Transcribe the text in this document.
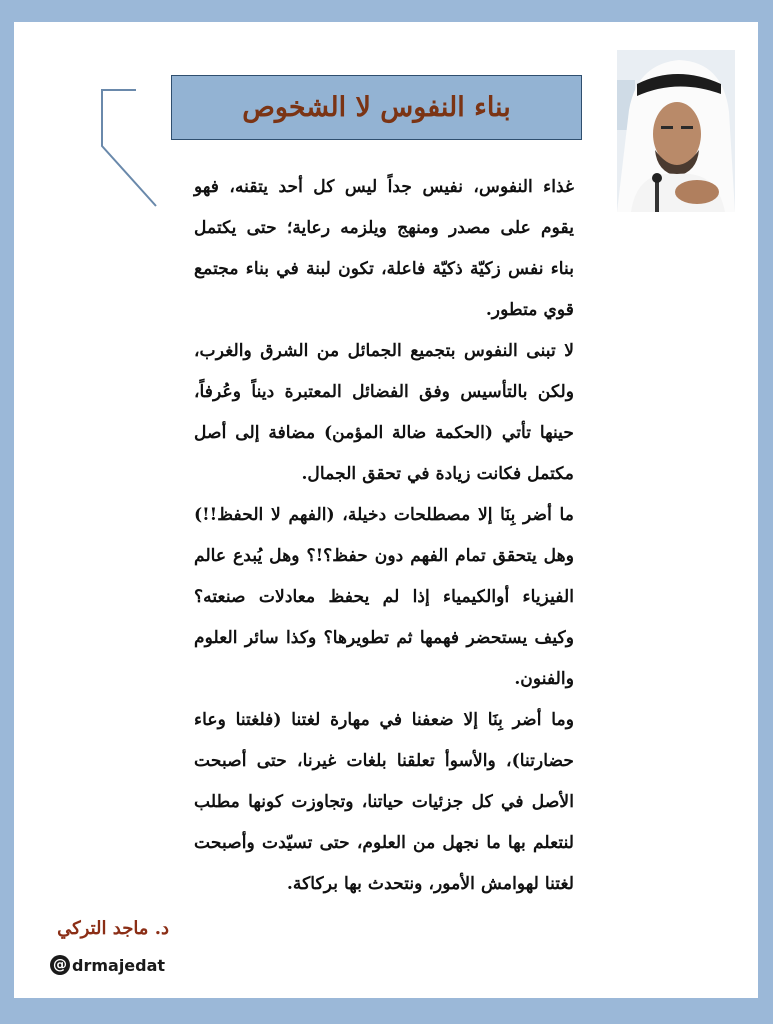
بناء النفوس لا الشخوص

غذاء النفوس، نفيس جداً ليس كل أحد يتقنه، فهو يقوم على مصدر ومنهج ويلزمه رعاية؛ حتى يكتمل بناء نفس زكيّة ذكيّة فاعلة، تكون لبنة في بناء مجتمع قوي متطور.

لا تبنى النفوس بتجميع الجمائل من الشرق والغرب، ولكن بالتأسيس وفق الفضائل المعتبرة ديناً وعُرفاً، حينها تأتي (الحكمة ضالة المؤمن) مضافة إلى أصل مكتمل فكانت زيادة في تحقق الجمال.

ما أضر بِنَا إلا مصطلحات دخيلة، (الفهم لا الحفظ!!) وهل يتحقق تمام الفهم دون حفظ؟!؟ وهل يُبدع عالم الفيزياء أوالكيمياء إذا لم يحفظ معادلات صنعته؟ وكيف يستحضر فهمها ثم تطويرها؟ وكذا سائر العلوم والفنون.

وما أضر بِنَا إلا ضعفنا في مهارة لغتنا (فلغتنا وعاء حضارتنا)، والأسوأ تعلقنا بلغات غيرنا، حتى أصبحت الأصل في كل جزئيات حياتنا، وتجاوزت كونها مطلب لنتعلم بها ما نجهل من العلوم، حتى تسيّدت وأصبحت لغتنا لهوامش الأمور، ونتحدث بها بركاكة.

د. ماجد التركي
@ drmajedat
